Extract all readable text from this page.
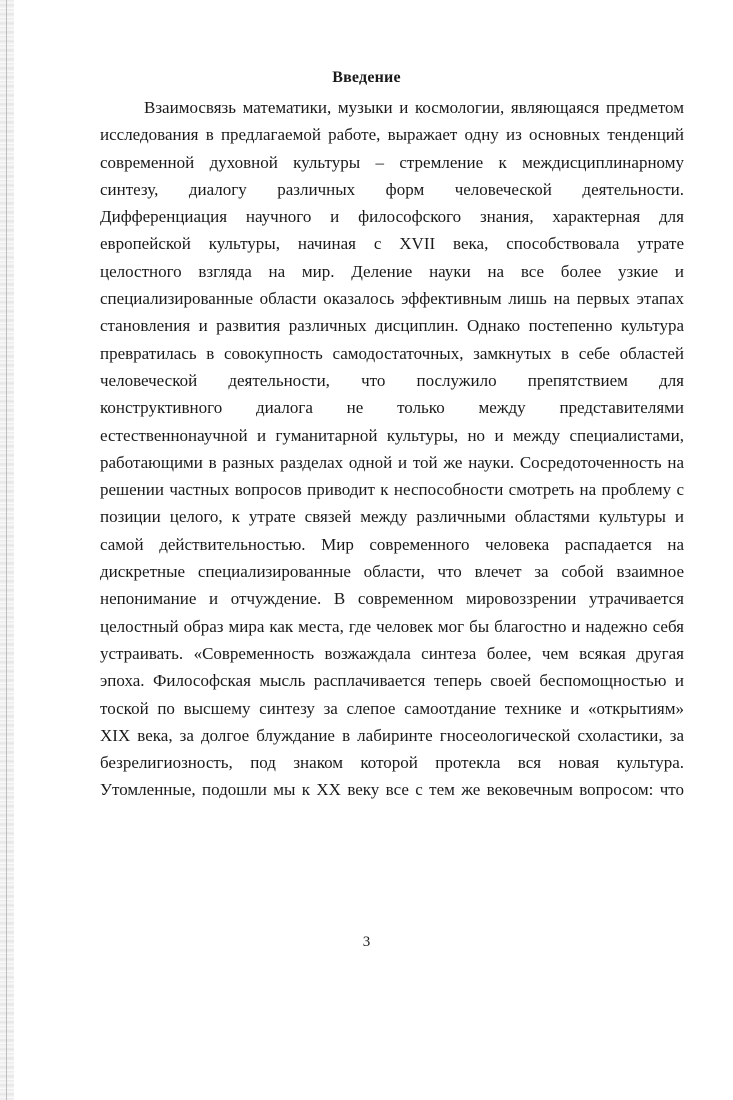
Введение
Взаимосвязь математики, музыки и космологии, являющаяся предметом
исследования в предлагаемой работе, выражает одну из основных тенденций
современной духовной культуры – стремление к междисциплинарному
синтезу, диалогу различных форм человеческой деятельности.
Дифференциация научного и философского знания, характерная для
европейской культуры, начиная с XVII века, способствовала утрате
целостного взгляда на мир. Деление науки на все более узкие и
специализированные области оказалось эффективным лишь на первых этапах
становления и развития различных дисциплин. Однако постепенно культура
превратилась в совокупность самодостаточных, замкнутых в себе областей
человеческой деятельности, что послужило препятствием для
конструктивного диалога не только между представителями
естественнонаучной и гуманитарной культуры, но и между специалистами,
работающими в разных разделах одной и той же науки. Сосредоточенность на
решении частных вопросов приводит к неспособности смотреть на проблему с
позиции целого, к утрате связей между различными областями культуры и
самой действительностью. Мир современного человека распадается на
дискретные специализированные области, что влечет за собой взаимное
непонимание и отчуждение. В современном мировоззрении утрачивается
целостный образ мира как места, где человек мог бы благостно и надежно себя
устраивать. «Современность возжаждала синтеза более, чем всякая другая
эпоха. Философская мысль расплачивается теперь своей беспомощностью и
тоской по высшему синтезу за слепое самоотдание технике и «открытиям»
XIX века, за долгое блуждание в лабиринте гносеологической схоластики, за
безрелигиозность, под знаком которой протекла вся новая культура.
Утомленные, подошли мы к XX веку все с тем же вековечным вопросом: что
3
